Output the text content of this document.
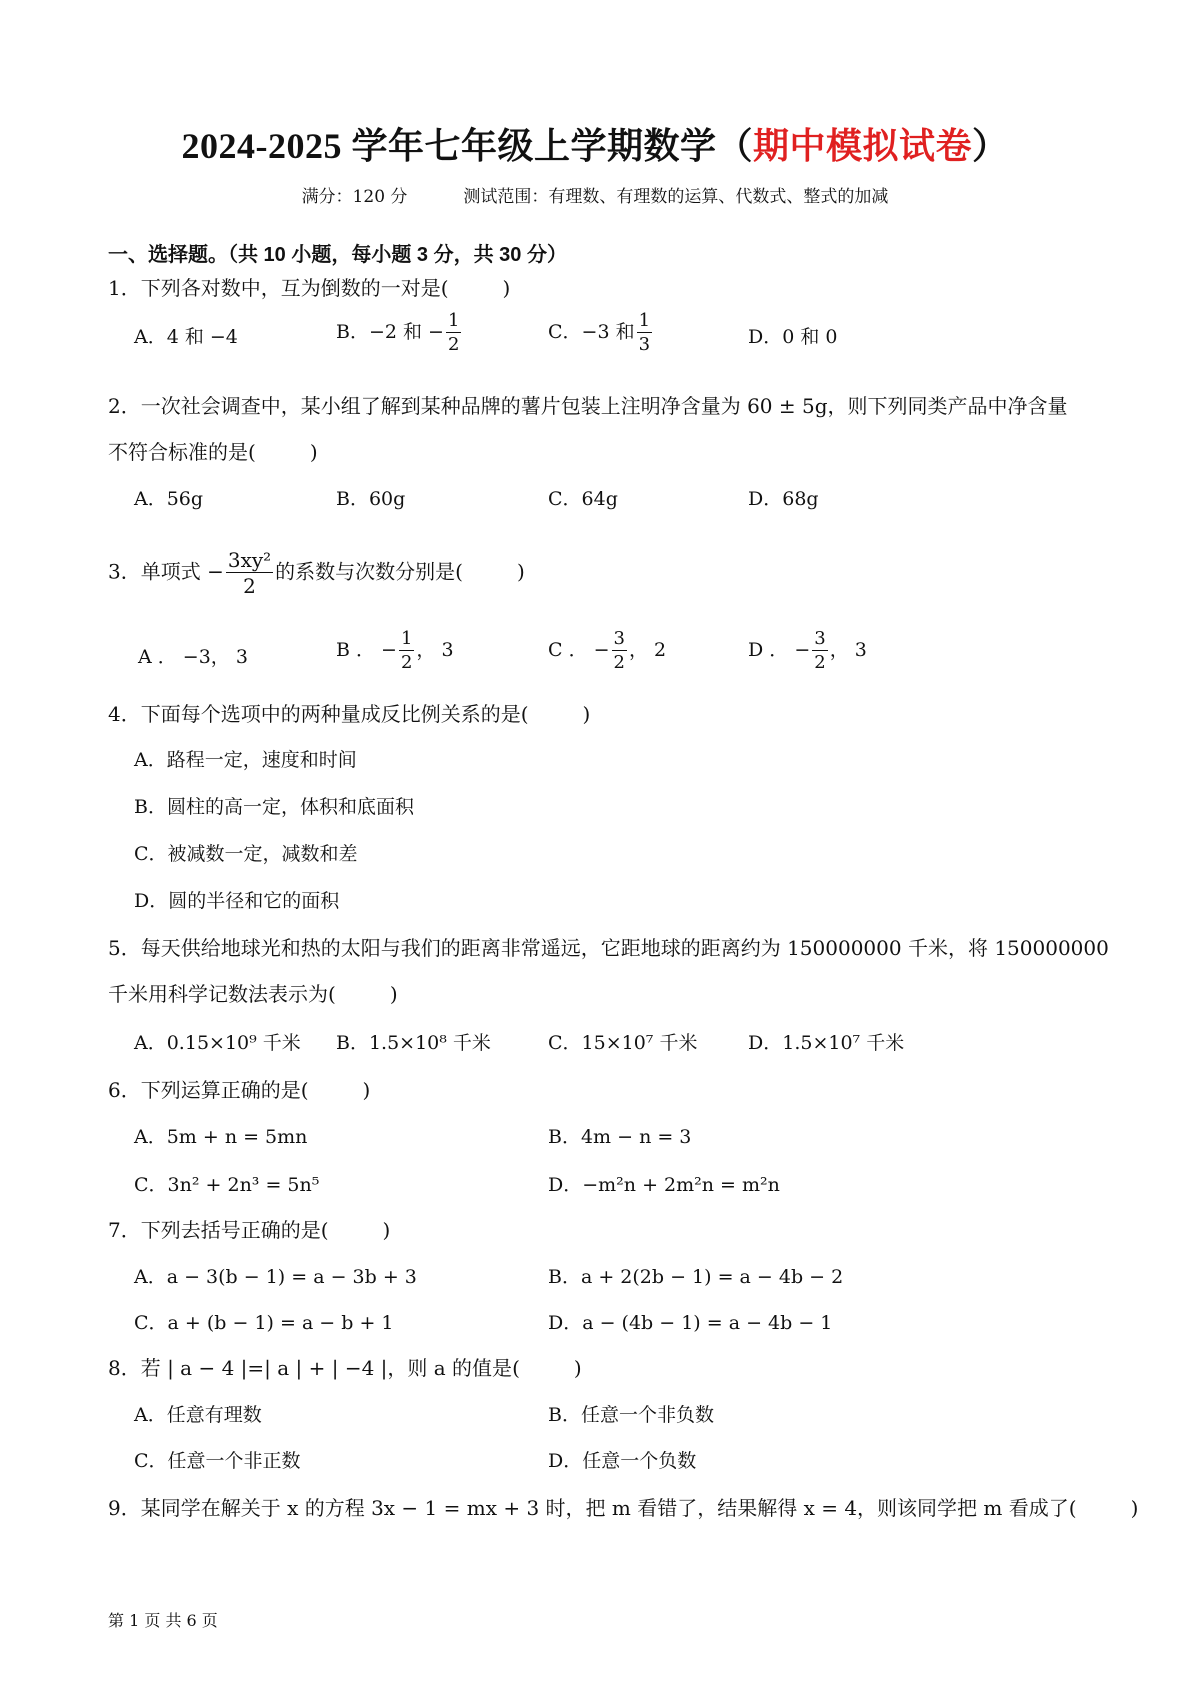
2024-2025 学年七年级上学期数学（期中模拟试卷）
满分：120 分	测试范围：有理数、有理数的运算、代数式、整式的加减
一、选择题。（共 10 小题，每小题 3 分，共 30 分）
1．下列各对数中，互为倒数的一对是(	)
A．4 和 −4	B．−2 和 − $\frac{1}{2}$	C．−3 和 $\frac{1}{3}$	D．0 和 0
2．一次社会调查中，某小组了解到某种品牌的薯片包装上注明净含量为 60 ± 5g，则下列同类产品中净含量
不符合标准的是(	)
A．56g	B．60g	C．64g	D．68g
3．单项式 − $\frac{\text{3xy²}}{2}$ 的系数与次数分别是(	)
A ． −3， 3	B ． − $\frac{1}{2}$ ， 3	C ． − $\frac{3}{2}$ ， 2	D ． − $\frac{3}{2}$ ， 3
4．下面每个选项中的两种量成反比例关系的是(	)
A．路程一定，速度和时间
B．圆柱的高一定，体积和底面积
C．被减数一定，减数和差
D．圆的半径和它的面积
5．每天供给地球光和热的太阳与我们的距离非常遥远，它距地球的距离约为 150000000 千米，将 150000000
千米用科学记数法表示为(	)
A．0.15×10⁹ 千米 B．1.5×10⁸ 千米	C．15×10⁷ 千米	D．1.5×10⁷ 千米
6．下列运算正确的是(	)
A．5m + n = 5mn	B．4m − n = 3
C．3n² + 2n³ = 5n⁵	D．−m²n + 2m²n = m²n
7．下列去括号正确的是(	)
A．a − 3(b − 1) = a − 3b + 3	B．a + 2(2b − 1) = a − 4b − 2
C．a + (b − 1) = a − b + 1	D．a − (4b − 1) = a − 4b − 1
8．若 | a − 4 |=| a | + | −4 |，则 a 的值是(	)
A．任意有理数	B．任意一个非负数
C．任意一个非正数	D．任意一个负数
9．某同学在解关于 x 的方程 3x − 1 = mx + 3 时，把 m 看错了，结果解得 x = 4，则该同学把 m 看成了(	)
第 1 页 共 6 页
